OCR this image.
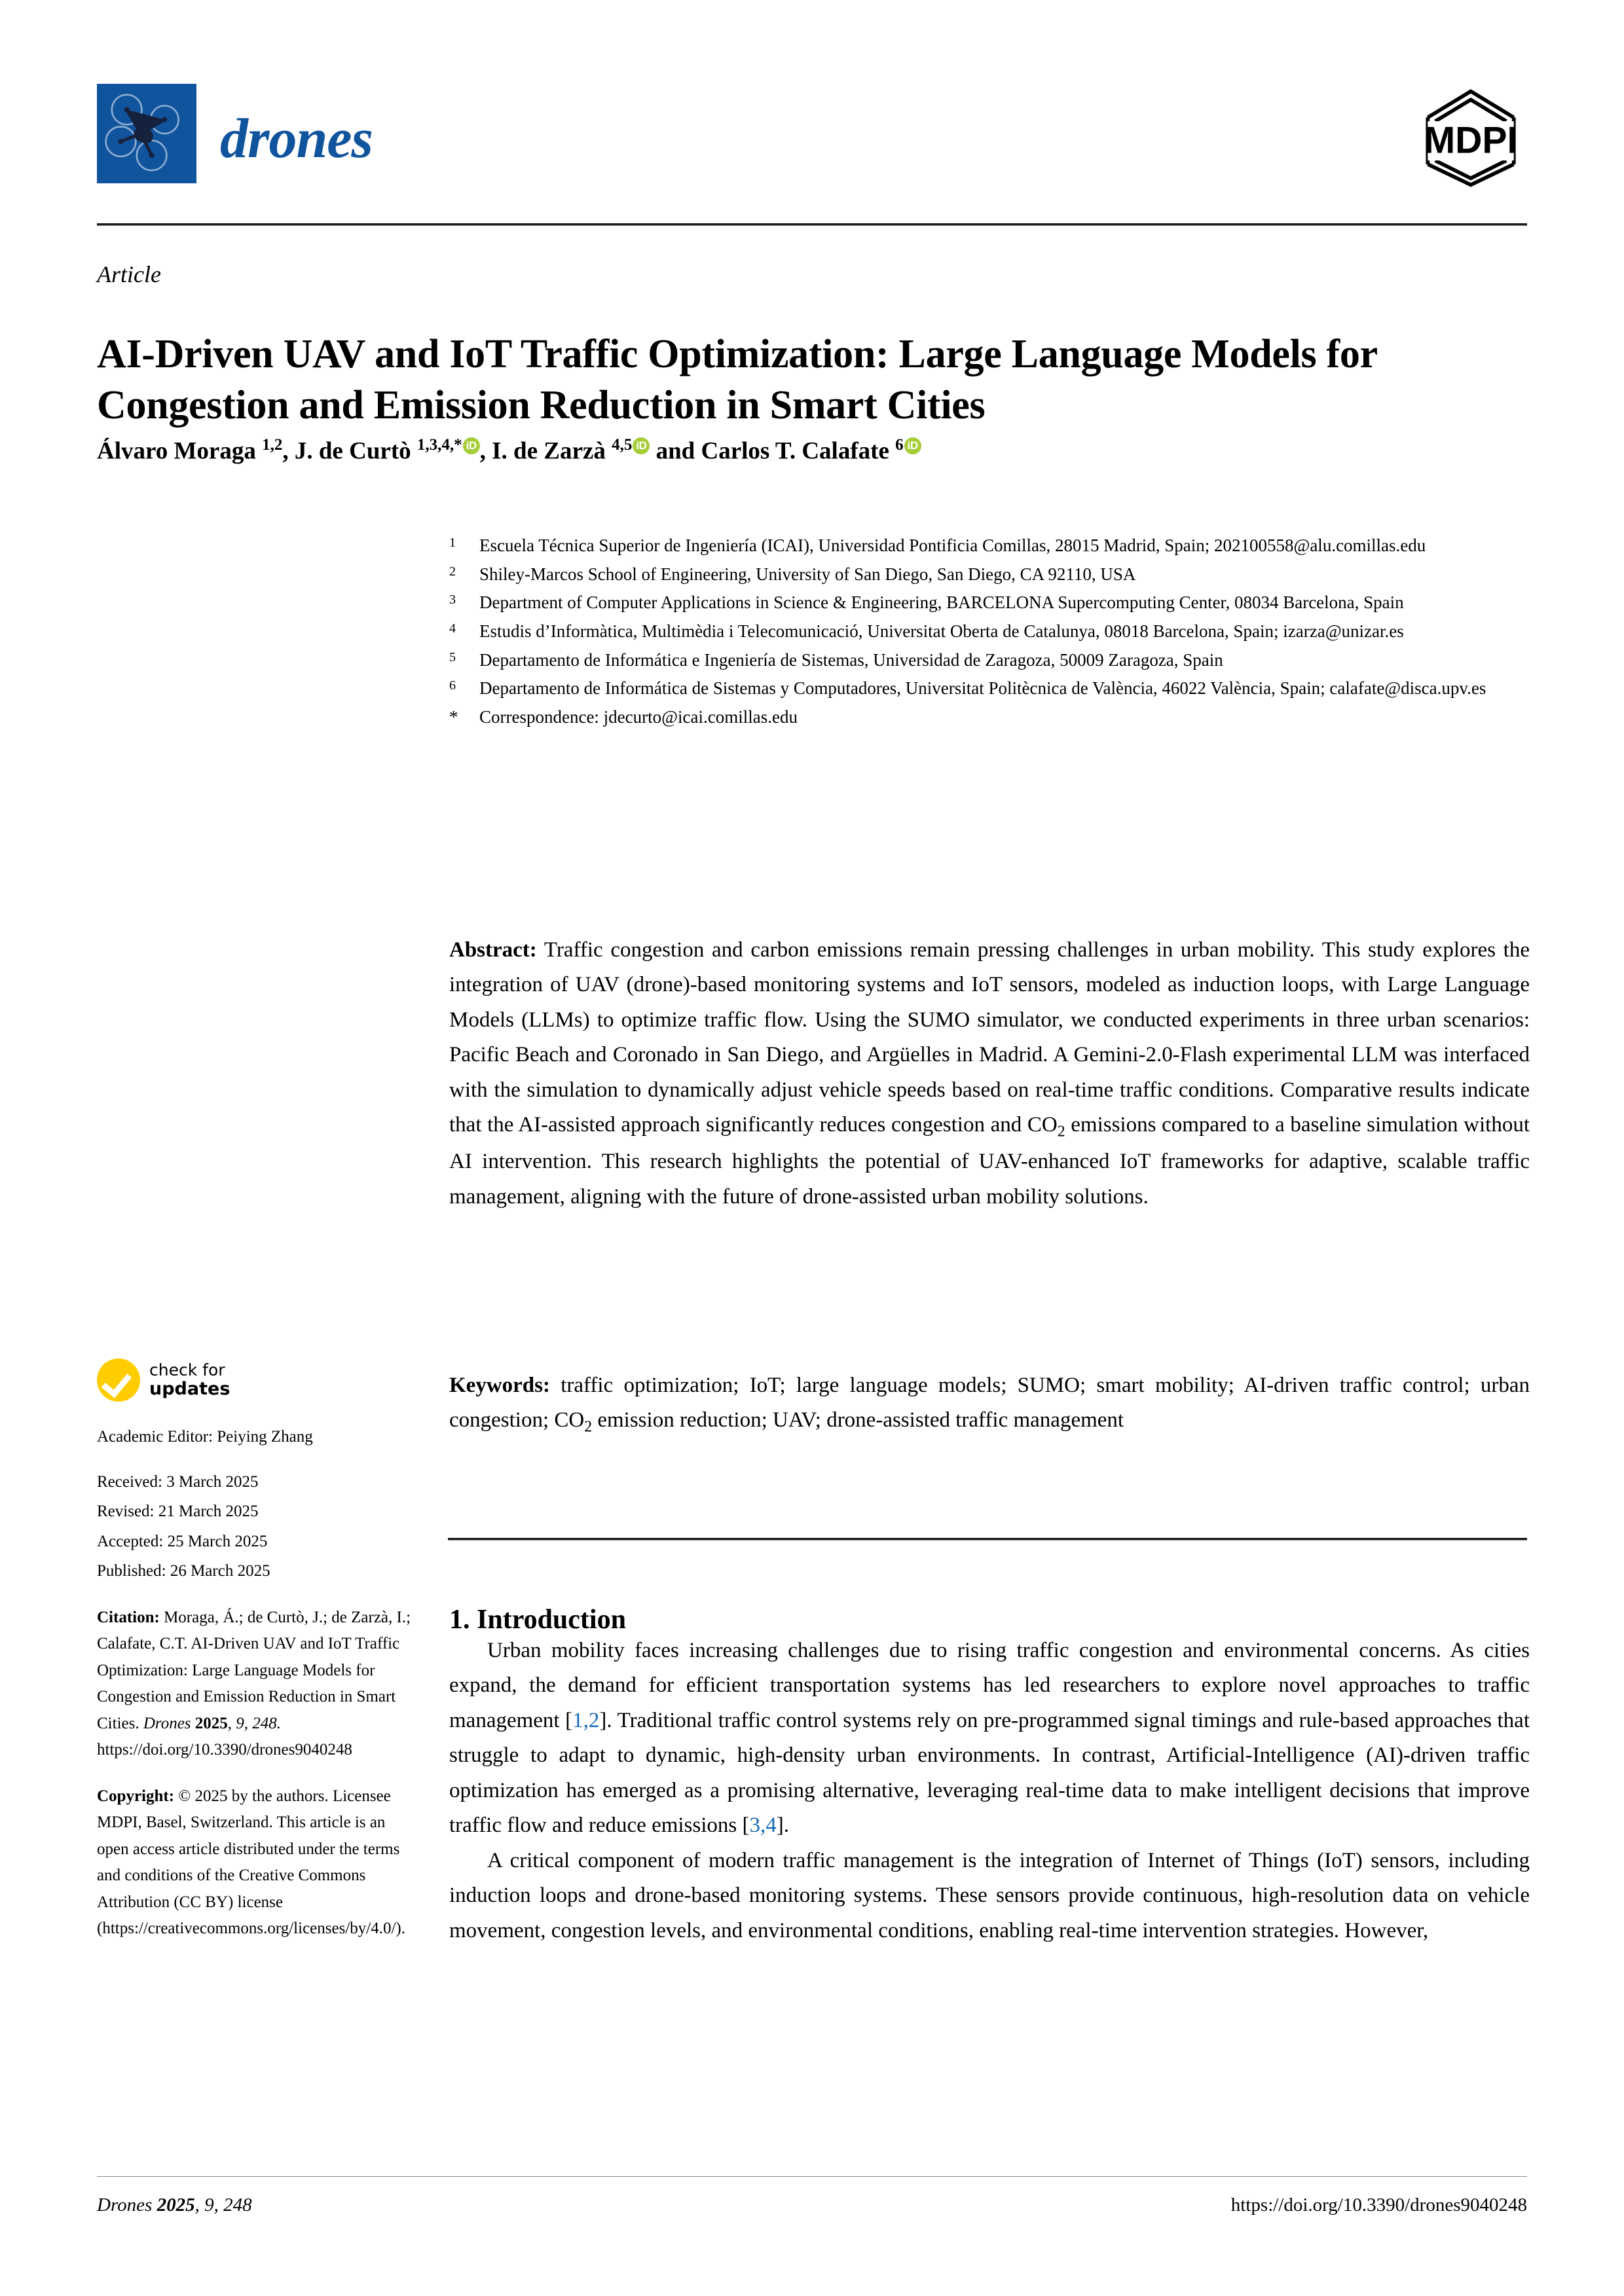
drones	MDPI
Article
AI-Driven UAV and IoT Traffic Optimization: Large Language Models for Congestion and Emission Reduction in Smart Cities
Álvaro Moraga $^{1,2}$, J. de Curtò $^{1,3,4,*}$ iD , I. de Zarzà $^{4,5}$ iD and Carlos T. Calafate $^6$ iD
1	Escuela Técnica Superior de Ingeniería (ICAI), Universidad Pontificia Comillas, 28015 Madrid, Spain; 202100558@alu.comillas.edu
2	Shiley-Marcos School of Engineering, University of San Diego, San Diego, CA 92110, USA
3	Department of Computer Applications in Science & Engineering, BARCELONA Supercomputing Center, 08034 Barcelona, Spain
4	Estudis d’Informàtica, Multimèdia i Telecomunicació, Universitat Oberta de Catalunya, 08018 Barcelona, Spain; izarza@unizar.es
5	Departamento de Informática e Ingeniería de Sistemas, Universidad de Zaragoza, 50009 Zaragoza, Spain
6	Departamento de Informática de Sistemas y Computadores, Universitat Politècnica de València, 46022 València, Spain; calafate@disca.upv.es
*	Correspondence: jdecurto@icai.comillas.edu
Abstract: Traffic congestion and carbon emissions remain pressing challenges in urban mobility. This study explores the integration of UAV (drone)-based monitoring systems and IoT sensors, modeled as induction loops, with Large Language Models (LLMs) to optimize traffic flow. Using the SUMO simulator, we conducted experiments in three urban scenarios: Pacific Beach and Coronado in San Diego, and Argüelles in Madrid. A Gemini-2.0-Flash experimental LLM was interfaced with the simulation to dynamically adjust vehicle speeds based on real-time traffic conditions. Comparative results indicate that the AI-assisted approach significantly reduces congestion and $CO_2$ emissions compared to a baseline simulation without AI intervention. This research highlights the potential of UAV-enhanced IoT frameworks for adaptive, scalable traffic management, aligning with the future of drone-assisted urban mobility solutions.
Keywords: traffic optimization; IoT; large language models; SUMO; smart mobility; AI-driven traffic control; urban congestion; $CO_2$ emission reduction; UAV; drone-assisted traffic management
check for
updates
Academic Editor: Peiying Zhang
Received: 3 March 2025
Revised: 21 March 2025
Accepted: 25 March 2025
Published: 26 March 2025
Citation: Moraga, Á.; de Curtò, J.; de Zarzà, I.; Calafate, C.T. AI-Driven UAV and IoT Traffic Optimization: Large Language Models for Congestion and Emission Reduction in Smart Cities. Drones 2025, 9, 248. https://doi.org/10.3390/drones9040248
Copyright: © 2025 by the authors. Licensee MDPI, Basel, Switzerland. This article is an open access article distributed under the terms and conditions of the Creative Commons Attribution (CC BY) license (https://creativecommons.org/licenses/by/4.0/).
1. Introduction

Urban mobility faces increasing challenges due to rising traffic congestion and environmental concerns. As cities expand, the demand for efficient transportation systems has led researchers to explore novel approaches to traffic management [1,2]. Traditional traffic control systems rely on pre-programmed signal timings and rule-based approaches that struggle to adapt to dynamic, high-density urban environments. In contrast, Artificial-Intelligence (AI)-driven traffic optimization has emerged as a promising alternative, leveraging real-time data to make intelligent decisions that improve traffic flow and reduce emissions [3,4].

A critical component of modern traffic management is the integration of Internet of Things (IoT) sensors, including induction loops and drone-based monitoring systems. These sensors provide continuous, high-resolution data on vehicle movement, congestion levels, and environmental conditions, enabling real-time intervention strategies. However,

Drones 2025, 9, 248	https://doi.org/10.3390/drones9040248
